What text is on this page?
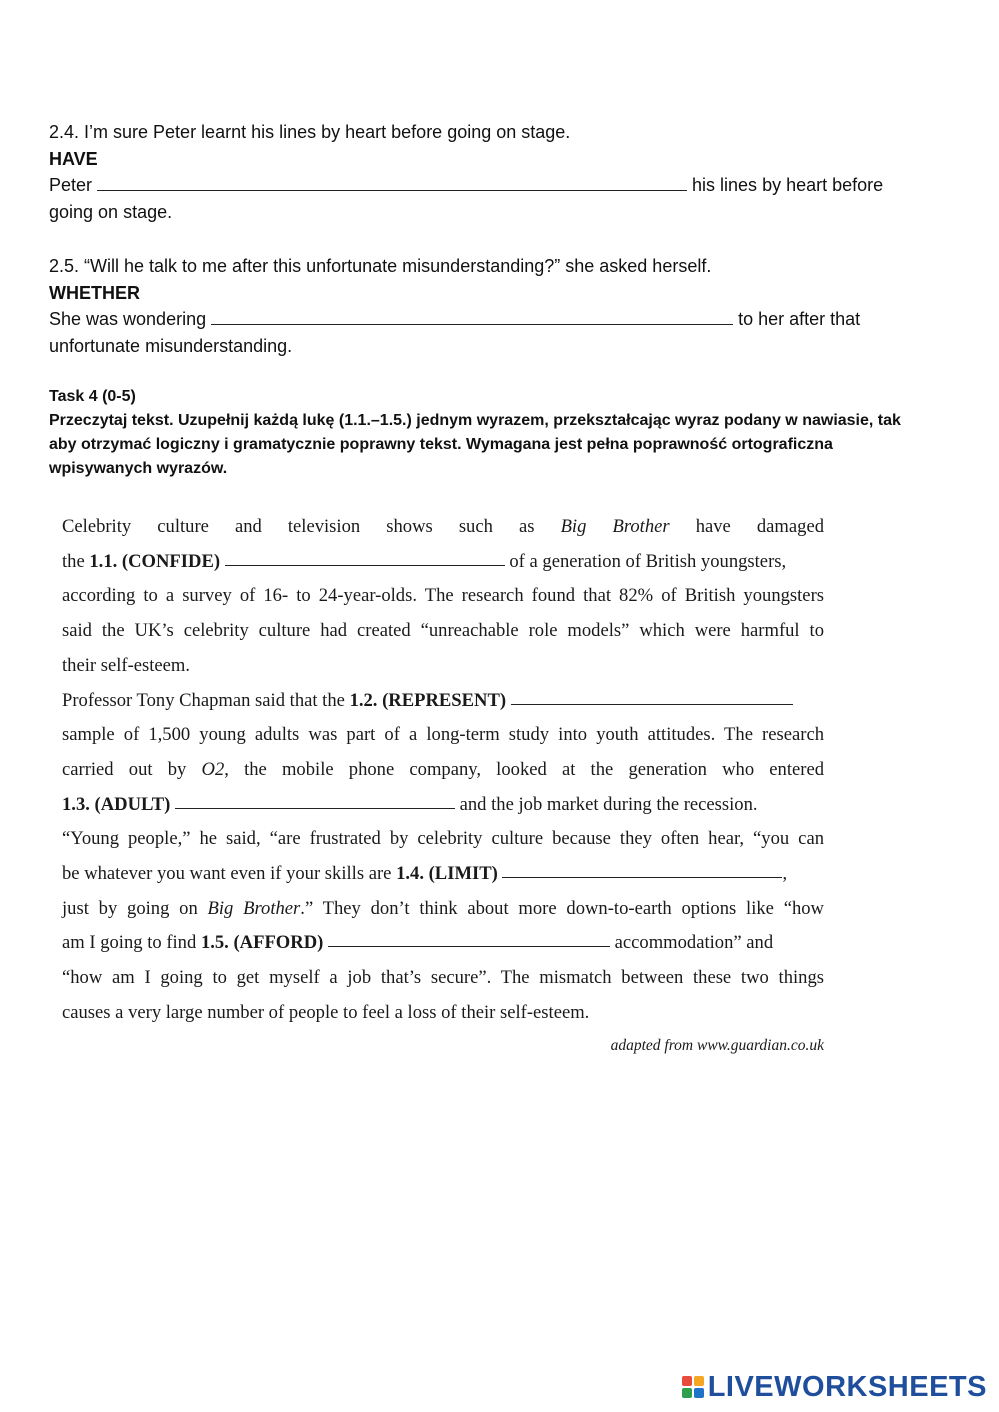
2.4. I’m sure Peter learnt his lines by heart before going on stage.

HAVE

Peter	his lines by heart before

going on stage.

2.5. “Will he talk to me after this unfortunate misunderstanding?” she asked herself.

WHETHER

She was wondering	to her after that

unfortunate misunderstanding.

Task 4 (0-5)

Przeczytaj tekst. Uzupełnij każdą lukę (1.1.–1.5.) jednym wyrazem, przekształcając wyraz podany w nawiasie, tak aby otrzymać logiczny i gramatycznie poprawny tekst. Wymagana jest pełna poprawność ortograficzna wpisywanych wyrazów.

Celebrity culture and television shows such as Big Brother have damaged
the 1.1. (CONFIDE)	of a generation of British youngsters,
according to a survey of 16- to 24-year-olds. The research found that 82% of British youngsters
said the UK’s celebrity culture had created “unreachable role models” which were harmful to
their self-esteem.
Professor Tony Chapman said that the 1.2. (REPRESENT)
sample of 1,500 young adults was part of a long-term study into youth attitudes. The research
carried out by O2, the mobile phone company, looked at the generation who entered
1.3. (ADULT)	and the job market during the recession.
“Young people,” he said, “are frustrated by celebrity culture because they often hear, “you can
be whatever you want even if your skills are 1.4. (LIMIT)	,
just by going on Big Brother.” They don’t think about more down-to-earth options like “how
am I going to find 1.5. (AFFORD)	accommodation” and
“how am I going to get myself a job that’s secure”. The mismatch between these two things
causes a very large number of people to feel a loss of their self-esteem.
adapted from www.guardian.co.uk
LIVEWORKSHEETS
